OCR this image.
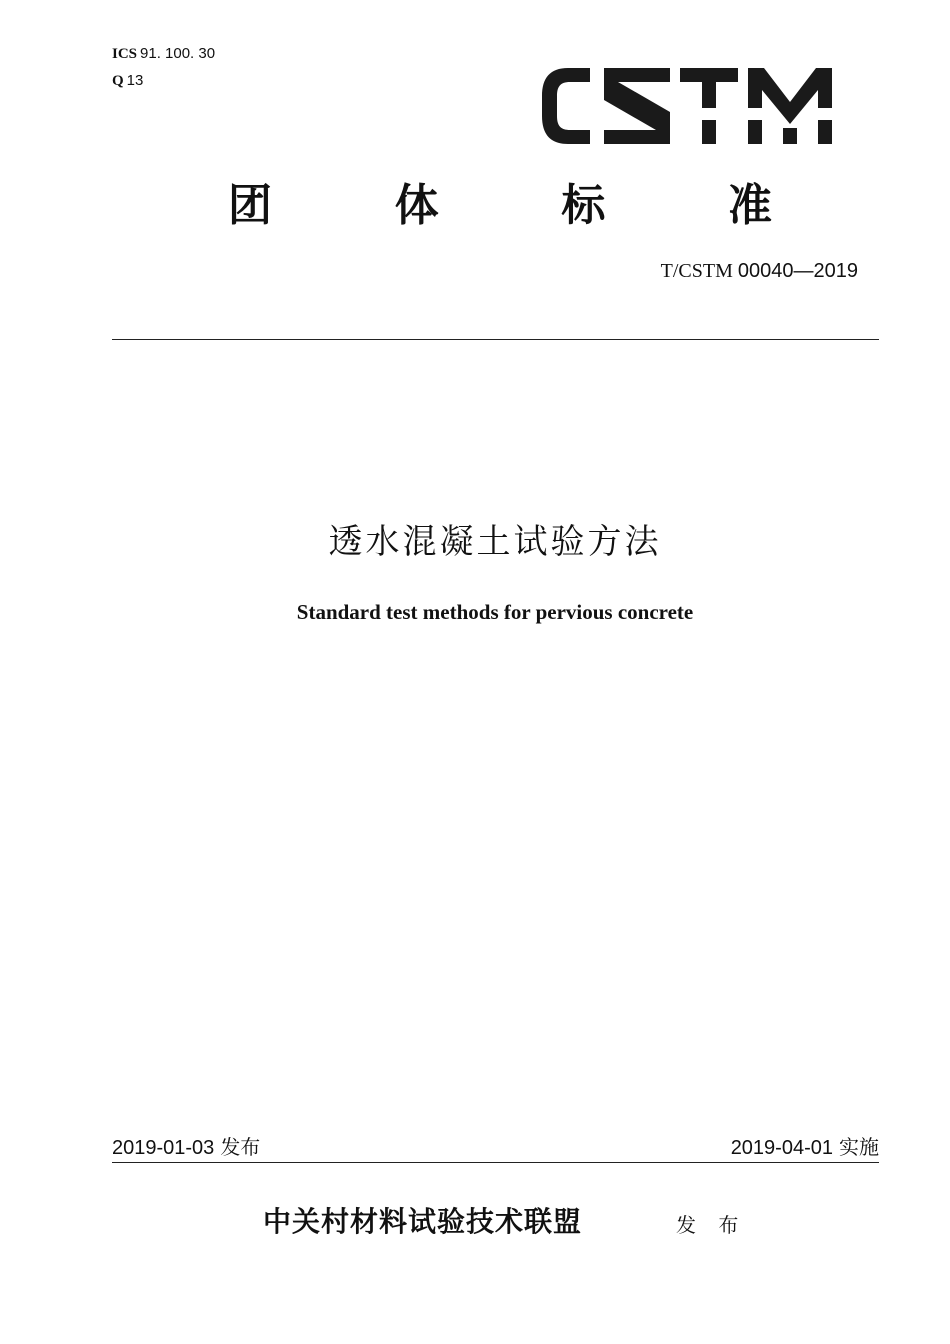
ICS 91. 100. 30
Q 13
团	体	标	准
T/CSTM 00040—2019
透水混凝土试验方法
Standard test methods for pervious concrete
2019-01-03 发布	2019-04-01 实施
中关村材料试验技术联盟	发 布
